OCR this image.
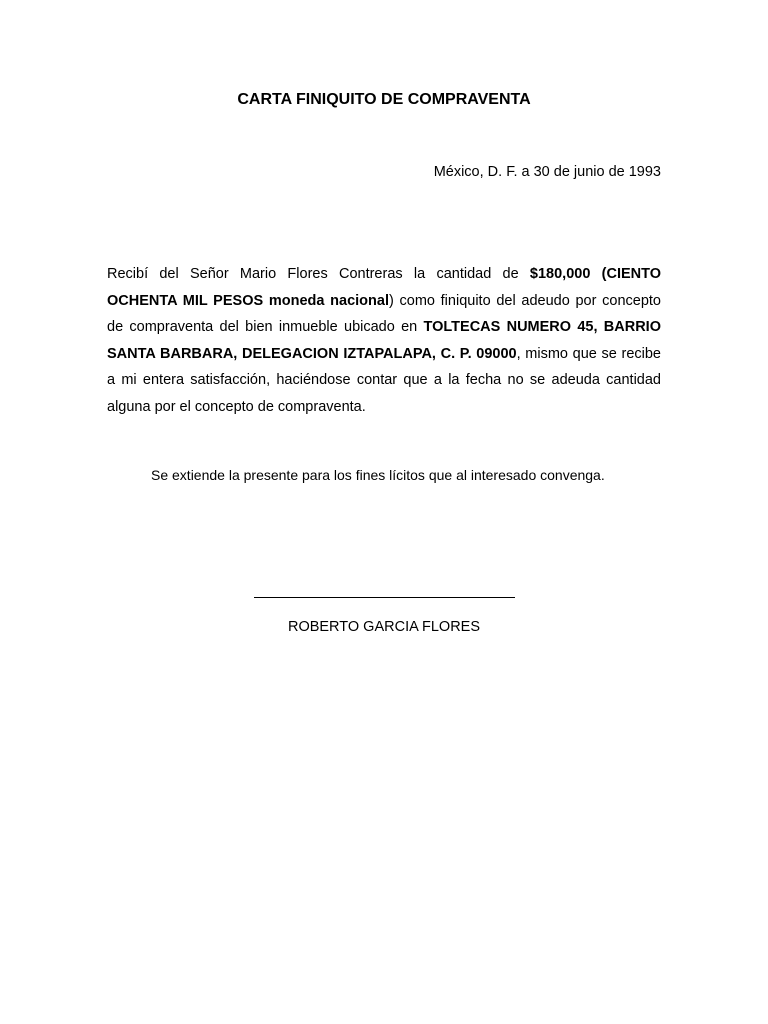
CARTA FINIQUITO DE COMPRAVENTA
México, D. F. a 30 de junio de 1993

Recibí del Señor Mario Flores Contreras la cantidad de $180,000 (CIENTO OCHENTA MIL PESOS moneda nacional) como finiquito del adeudo por concepto de compraventa del bien inmueble ubicado en TOLTECAS NUMERO 45, BARRIO SANTA BARBARA, DELEGACION IZTAPALAPA, C. P. 09000, mismo que se recibe a mi entera satisfacción, haciéndose contar que a la fecha no se adeuda cantidad alguna por el concepto de compraventa.

Se extiende la presente para los fines lícitos que al interesado convenga.
ROBERTO GARCIA FLORES
